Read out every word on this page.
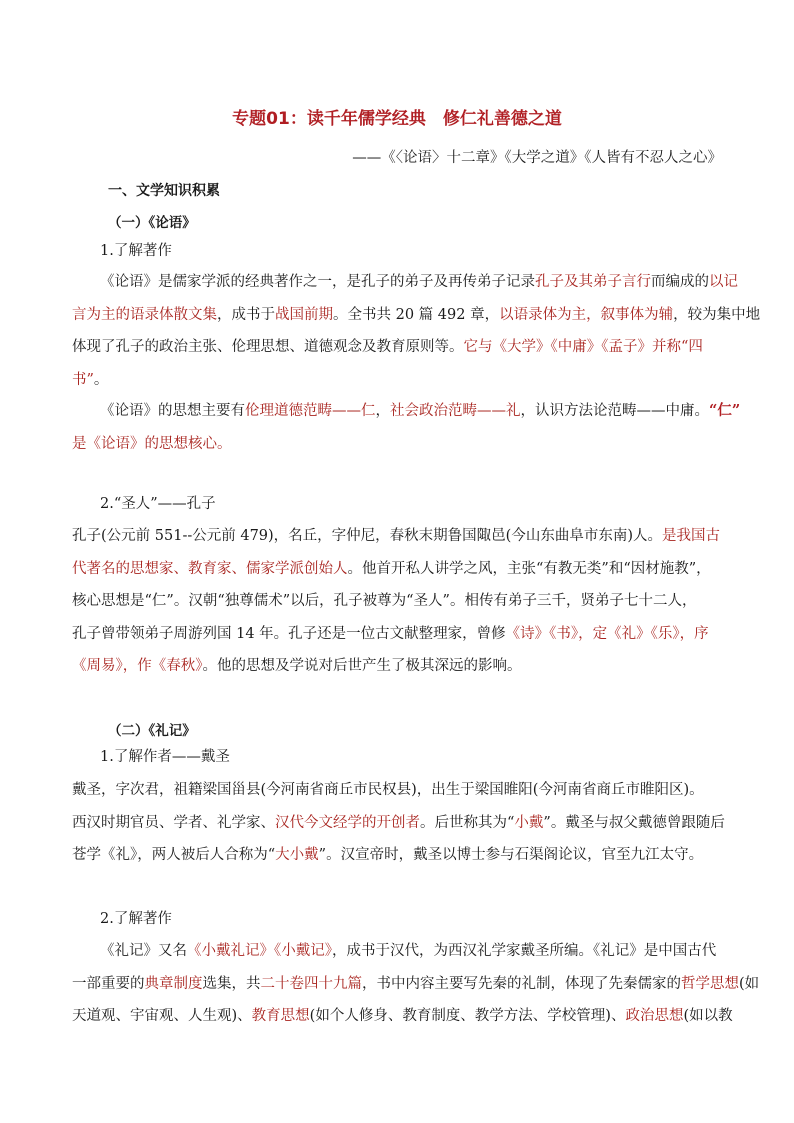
专题01：读千年儒学经典　修仁礼善德之道
——《〈论语〉十二章》《大学之道》《人皆有不忍人之心》
一、文学知识积累
（一）《论语》
1.了解著作
2.“圣人”——孔子
（二）《礼记》
1.了解作者——戴圣
2.了解著作
《论语》是儒家学派的经典著作之一，是孔子的弟子及再传弟子记录孔子及其弟子言行而编成的以记
言为主的语录体散文集，成书于战国前期。全书共 20 篇 492 章，以语录体为主，叙事体为辅，较为集中地
体现了孔子的政治主张、伦理思想、道德观念及教育原则等。它与《大学》《中庸》《孟子》并称“四
书”。
《论语》的思想主要有伦理道德范畴——仁，社会政治范畴——礼，认识方法论范畴——中庸。“仁”
是《论语》的思想核心。
孔子(公元前 551--公元前 479)，名丘，字仲尼，春秋末期鲁国陬邑(今山东曲阜市东南)人。是我国古
代著名的思想家、教育家、儒家学派创始人。他首开私人讲学之风，主张“有教无类”和“因材施教”，
核心思想是“仁”。汉朝“独尊儒术”以后，孔子被尊为“圣人”。相传有弟子三千，贤弟子七十二人，
孔子曾带领弟子周游列国 14 年。孔子还是一位古文献整理家，曾修《诗》《书》，定《礼》《乐》，序
《周易》，作《春秋》。他的思想及学说对后世产生了极其深远的影响。
戴圣，字次君，祖籍梁国甾县(今河南省商丘市民权县)，出生于梁国睢阳(今河南省商丘市睢阳区)。
西汉时期官员、学者、礼学家、汉代今文经学的开创者。后世称其为“小戴”。戴圣与叔父戴德曾跟随后
苍学《礼》，两人被后人合称为“大小戴”。汉宣帝时，戴圣以博士参与石渠阁论议，官至九江太守。
《礼记》又名《小戴礼记》《小戴记》，成书于汉代，为西汉礼学家戴圣所编。《礼记》是中国古代
一部重要的典章制度选集，共二十卷四十九篇，书中内容主要写先秦的礼制，体现了先秦儒家的哲学思想(如
天道观、宇宙观、人生观)、教育思想(如个人修身、教育制度、教学方法、学校管理)、政治思想(如以教
